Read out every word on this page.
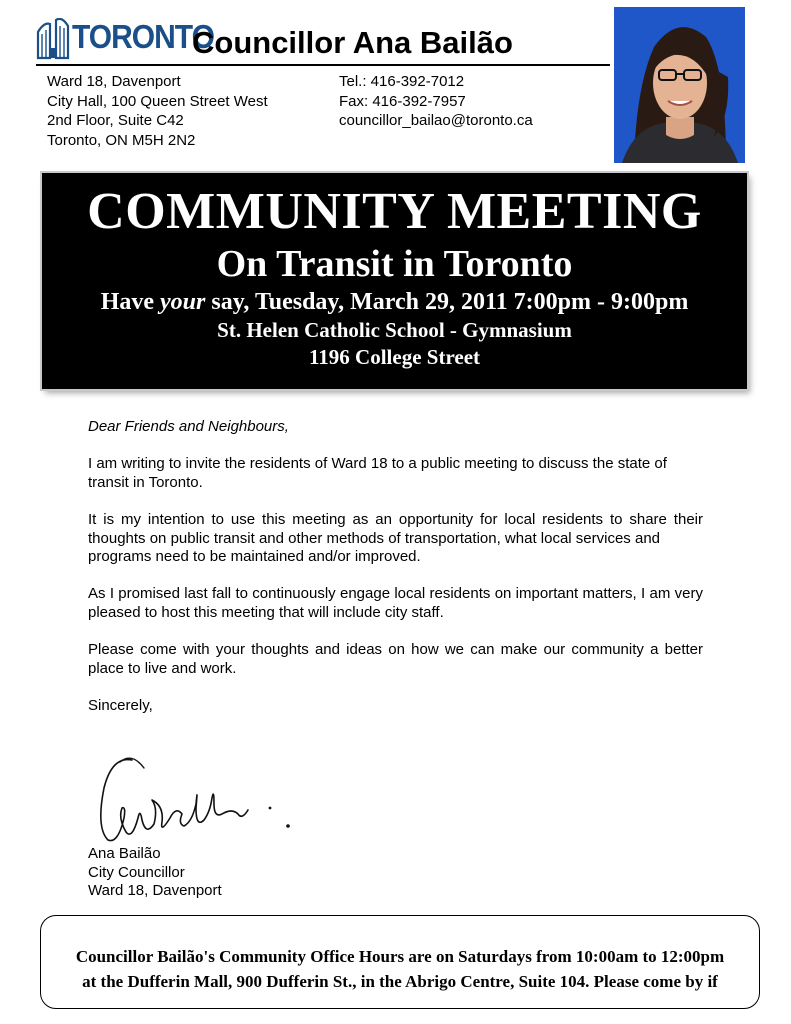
TORONTO
Councillor Ana Bailão
Ward 18, Davenport
City Hall, 100 Queen Street West
2nd Floor, Suite C42
Toronto, ON M5H 2N2
Tel.: 416-392-7012
Fax: 416-392-7957
councillor_bailao@toronto.ca
COMMUNITY MEETING
On Transit in Toronto
Have your say, Tuesday, March 29, 2011 7:00pm - 9:00pm
St. Helen Catholic School - Gymnasium
1196 College Street

Dear Friends and Neighbours,

I am writing to invite the residents of Ward 18 to a public meeting to discuss the state of
transit in Toronto.

It is my intention to use this meeting as an opportunity for local residents to share their thoughts on public transit and other methods of transportation, what local services and
programs need to be maintained and/or improved.

As I promised last fall to continuously engage local residents on important matters, I am very pleased to host this meeting that will include city staff.

Please come with your thoughts and ideas on how we can make our community a better place to live and work.

Sincerely,

Ana Bailão
City Councillor
Ward 18, Davenport
Councillor Bailão's Community Office Hours are on Saturdays from 10:00am to 12:00pm
at the Dufferin Mall, 900 Dufferin St., in the Abrigo Centre, Suite 104. Please come by if
